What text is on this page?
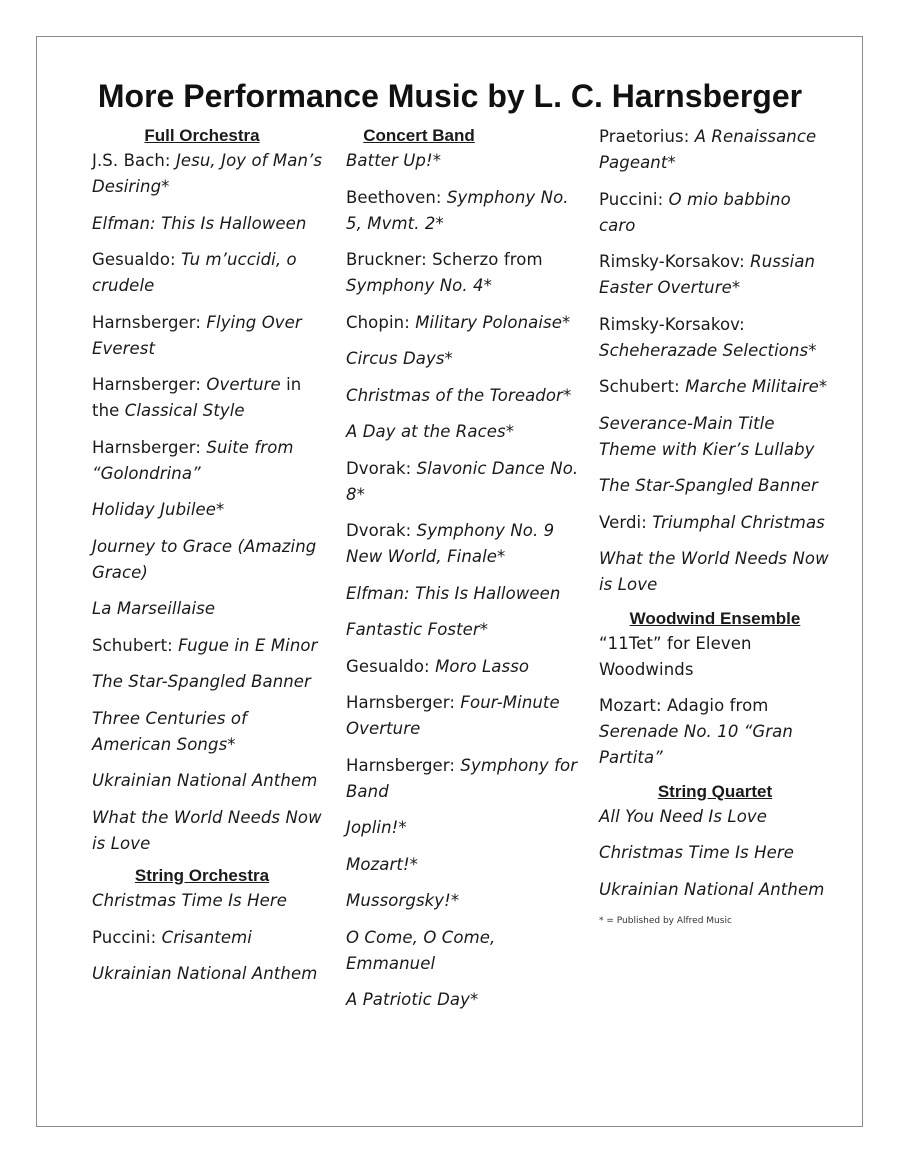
More Performance Music by L. C. Harnsberger
Full Orchestra
J.S. Bach: Jesu, Joy of Man’s Desiring*
Elfman: This Is Halloween
Gesualdo: Tu m’uccidi, o crudele
Harnsberger: Flying Over Everest
Harnsberger: Overture in the Classical Style
Harnsberger: Suite from “Golondrina”
Holiday Jubilee*
Journey to Grace (Amazing Grace)
La Marseillaise
Schubert: Fugue in E Minor
The Star-Spangled Banner
Three Centuries of American Songs*
Ukrainian National Anthem
What the World Needs Now is Love
String Orchestra
Christmas Time Is Here
Puccini: Crisantemi
Ukrainian National Anthem
Concert Band
Batter Up!*
Beethoven: Symphony No. 5, Mvmt. 2*
Bruckner: Scherzo from Symphony No. 4*
Chopin: Military Polonaise*
Circus Days*
Christmas of the Toreador*
A Day at the Races*
Dvorak: Slavonic Dance No. 8*
Dvorak: Symphony No. 9 New World, Finale*
Elfman: This Is Halloween
Fantastic Foster*
Gesualdo: Moro Lasso
Harnsberger: Four-Minute Overture
Harnsberger: Symphony for Band
Joplin!*
Mozart!*
Mussorgsky!*
O Come, O Come, Emmanuel
A Patriotic Day*
Praetorius: A Renaissance Pageant*
Puccini: O mio babbino caro
Rimsky-Korsakov: Russian Easter Overture*
Rimsky-Korsakov: Scheherazade Selections*
Schubert: Marche Militaire*
Severance-Main Title Theme with Kier’s Lullaby
The Star-Spangled Banner
Verdi: Triumphal Christmas
What the World Needs Now is Love
Woodwind Ensemble
“11Tet” for Eleven Woodwinds
Mozart: Adagio from Serenade No. 10 “Gran Partita”
String Quartet
All You Need Is Love
Christmas Time Is Here
Ukrainian National Anthem
* = Published by Alfred Music
